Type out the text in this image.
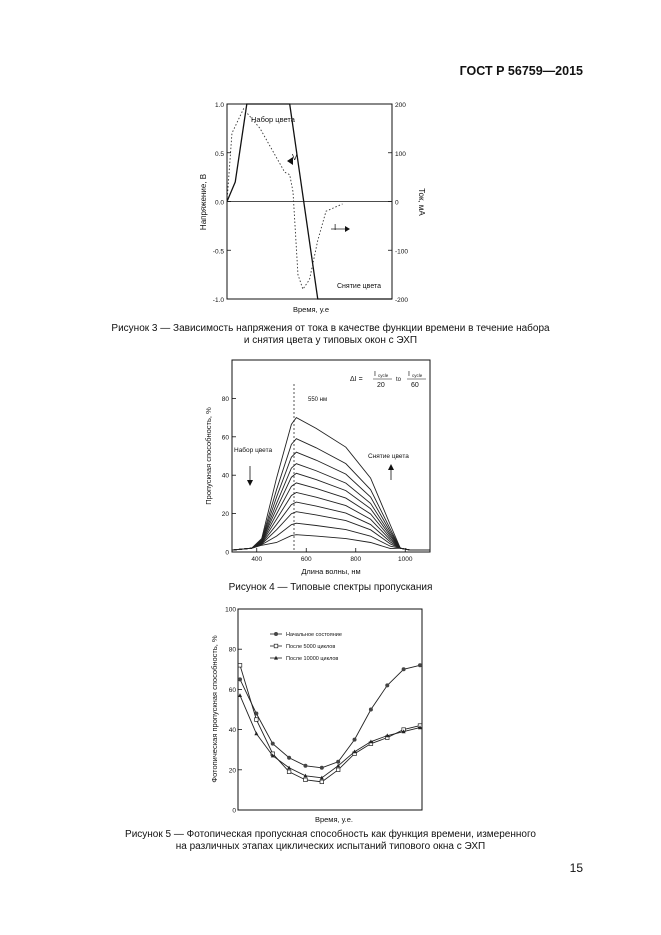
ГОСТ Р 56759—2015
1.0
0.5
0.0
-0.5
-1.0
200
100
0
-100
-200
Набор цвета
Снятие цвета
V
I
Время, у.е
Напряжение, В	Ток, мА
Рисунок 3 — Зависимость напряжения от тока в качестве функции времени в течение набора
и снятия цвета у типовых окон с ЭХП
0
20
40
60
80
400	600	800	1000
550 нм
ΔI =
I cycle
20
to
I cycle
60
Набор цвета
Снятие цвета
Длина волны, нм
Пропускная способность, %
Рисунок 4 — Типовые спектры пропускания
0
20
40
60
80
100
Начальное состояние
После 5000 циклов
После 10000 циклов
Время, у.е.
Фотопическая пропускная способность, %
Рисунок 5 — Фотопическая пропускная способность как функция времени, измеренного
на различных этапах циклических испытаний типового окна с ЭХП
15
